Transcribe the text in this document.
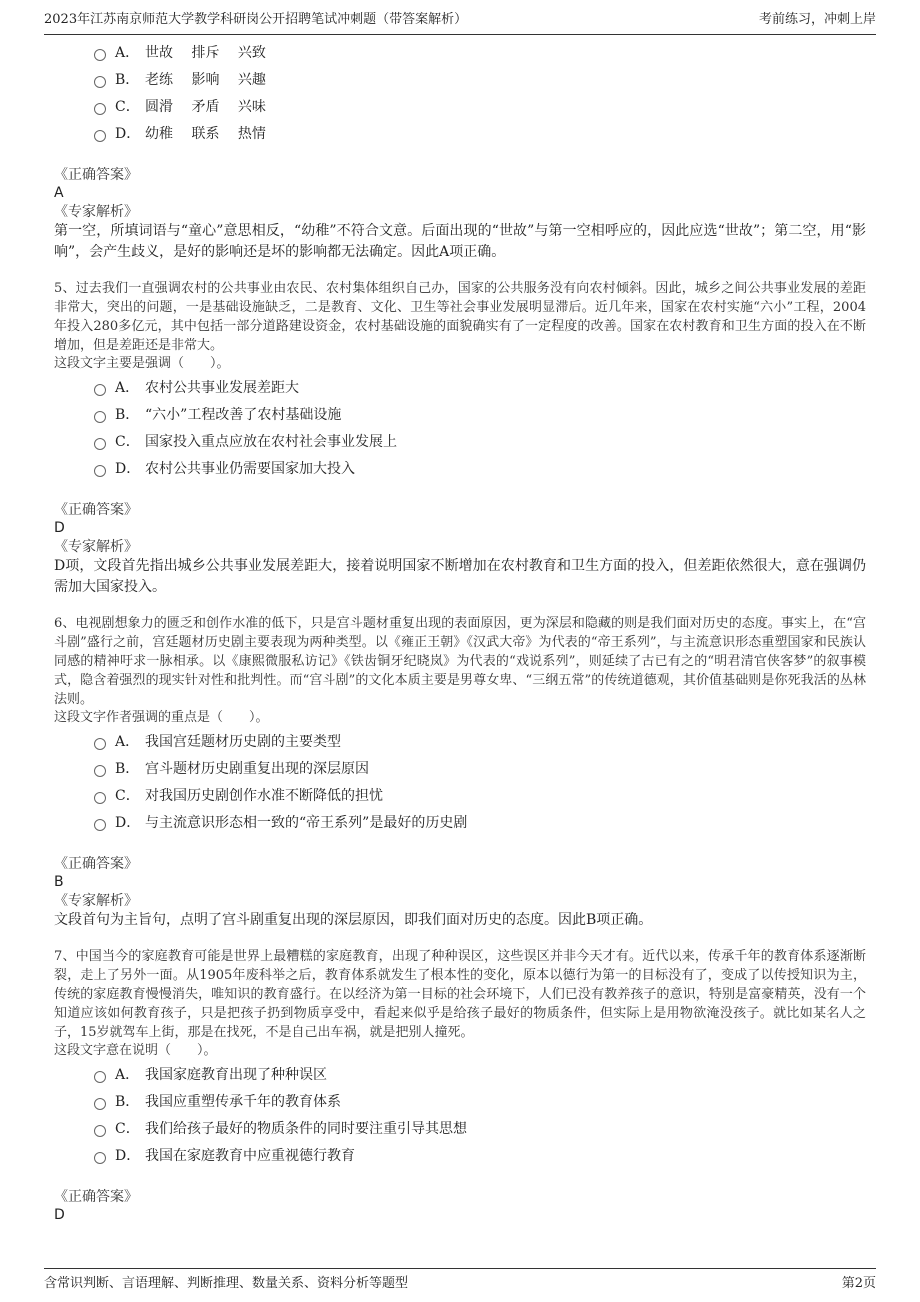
2023年江苏南京师范大学教学科研岗公开招聘笔试冲刺题（带答案解析）	考前练习，冲刺上岸
A． 世故　 排斥　 兴致
B． 老练　 影响　 兴趣
C． 圆滑　 矛盾　 兴味
D． 幼稚　 联系　 热情
《正确答案》
A
《专家解析》
第一空，所填词语与“童心”意思相反，“幼稚”不符合文意。后面出现的“世故”与第一空相呼应的，因此应选“世故”；第二空，用“影响”，会产生歧义，是好的影响还是坏的影响都无法确定。因此A项正确。
5、过去我们一直强调农村的公共事业由农民、农村集体组织自己办，国家的公共服务没有向农村倾斜。因此，城乡之间公共事业发展的差距非常大，突出的问题，一是基础设施缺乏，二是教育、文化、卫生等社会事业发展明显滞后。近几年来，国家在农村实施“六小”工程，2004年投入280多亿元，其中包括一部分道路建设资金，农村基础设施的面貌确实有了一定程度的改善。国家在农村教育和卫生方面的投入在不断增加，但是差距还是非常大。
这段文字主要是强调（　　）。
A． 农村公共事业发展差距大
B． “六小”工程改善了农村基础设施
C． 国家投入重点应放在农村社会事业发展上
D． 农村公共事业仍需要国家加大投入
《正确答案》
D
《专家解析》
D项，文段首先指出城乡公共事业发展差距大，接着说明国家不断增加在农村教育和卫生方面的投入，但差距依然很大，意在强调仍需加大国家投入。
6、电视剧想象力的匮乏和创作水准的低下，只是宫斗题材重复出现的表面原因，更为深层和隐藏的则是我们面对历史的态度。事实上，在“宫斗剧”盛行之前，宫廷题材历史剧主要表现为两种类型。以《雍正王朝》《汉武大帝》为代表的“帝王系列”，与主流意识形态重塑国家和民族认同感的精神吁求一脉相承。以《康熙微服私访记》《铁齿铜牙纪晓岚》为代表的“戏说系列”，则延续了古已有之的“明君清官侠客梦”的叙事模式，隐含着强烈的现实针对性和批判性。而“宫斗剧”的文化本质主要是男尊女卑、“三纲五常”的传统道德观，其价值基础则是你死我活的丛林法则。
这段文字作者强调的重点是（　　）。
A． 我国宫廷题材历史剧的主要类型
B． 宫斗题材历史剧重复出现的深层原因
C． 对我国历史剧创作水准不断降低的担忧
D． 与主流意识形态相一致的“帝王系列”是最好的历史剧
《正确答案》
B
《专家解析》
文段首句为主旨句，点明了宫斗剧重复出现的深层原因，即我们面对历史的态度。因此B项正确。
7、中国当今的家庭教育可能是世界上最糟糕的家庭教育，出现了种种误区，这些误区并非今天才有。近代以来，传承千年的教育体系逐渐断裂，走上了另外一面。从1905年废科举之后，教育体系就发生了根本性的变化，原本以德行为第一的目标没有了，变成了以传授知识为主，传统的家庭教育慢慢消失，唯知识的教育盛行。在以经济为第一目标的社会环境下，人们已没有教养孩子的意识，特别是富豪精英，没有一个知道应该如何教育孩子，只是把孩子扔到物质享受中，看起来似乎是给孩子最好的物质条件，但实际上是用物欲淹没孩子。就比如某名人之子，15岁就驾车上街，那是在找死，不是自己出车祸，就是把别人撞死。
这段文字意在说明（　　）。
A． 我国家庭教育出现了种种误区
B． 我国应重塑传承千年的教育体系
C． 我们给孩子最好的物质条件的同时要注重引导其思想
D． 我国在家庭教育中应重视德行教育
《正确答案》
D
含常识判断、言语理解、判断推理、数量关系、资料分析等题型	第2页
